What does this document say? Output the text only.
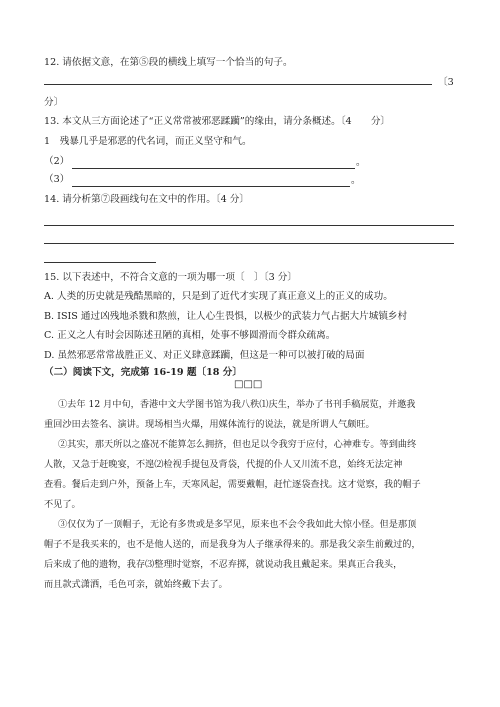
12. 请依据文意，在第⑤段的横线上填写一个恰当的句子。
〔3
分〕
13. 本文从三方面论述了“正义常常被邪恶蹂躏”的缘由，请分条概述。〔4　　分〕
1　残暴几乎是邪恶的代名词，而正义坚守和气。
（2）	。
（3）	。
14. 请分析第⑦段画线句在文中的作用。〔4 分〕
15. 以下表述中，不符合文意的一项为哪一项〔　〕〔3 分〕
A. 人类的历史就是残酷黑暗的，只是到了近代才实现了真正意义上的正义的成功。
B. ISIS 通过凶残地杀戮和熬煎，让人心生畏惧，以极少的武装力气占据大片城镇乡村
C. 正义之人有时会因陈述丑陋的真相，处事不够圆滑而令群众疏离。
D. 虽然邪恶常常战胜正义、对正义肆意蹂躏，但这是一种可以被打破的局面
（二）阅读下文，完成第 16-19 题〔18 分〕
□□□
①去年 12 月中旬，香港中文大学图书馆为我八秩⑴庆生，举办了书刊手稿展览，并邀我
重回沙田去签名、演讲。现场相当火爆，用媒体流行的说法，就是所谓人气颇旺。
②其实，那天所以之盛况不能算怎么拥挤，但也足以令我穷于应付，心神难专。等到曲终
人散，又急于赶晚宴，不遑⑵检视手提包及背袋，代提的仆人又川流不息，始终无法定神
查看。餐后走到户外，预备上车，天寒风起，需要戴帽，赶忙逐袋查找。这才觉察，我的帽子
不见了。
③仅仅为了一顶帽子，无论有多贵或是多罕见，原来也不会令我如此大惊小怪。但是那顶
帽子不是我买来的，也不是他人送的，而是我身为人子继承得来的。那是我父亲生前戴过的，
后来成了他的遗物，我存⑶整理时觉察，不忍弃掷，就说动我且戴起来。果真正合我头，
而且款式潇洒，毛色可亲，就始终戴下去了。
